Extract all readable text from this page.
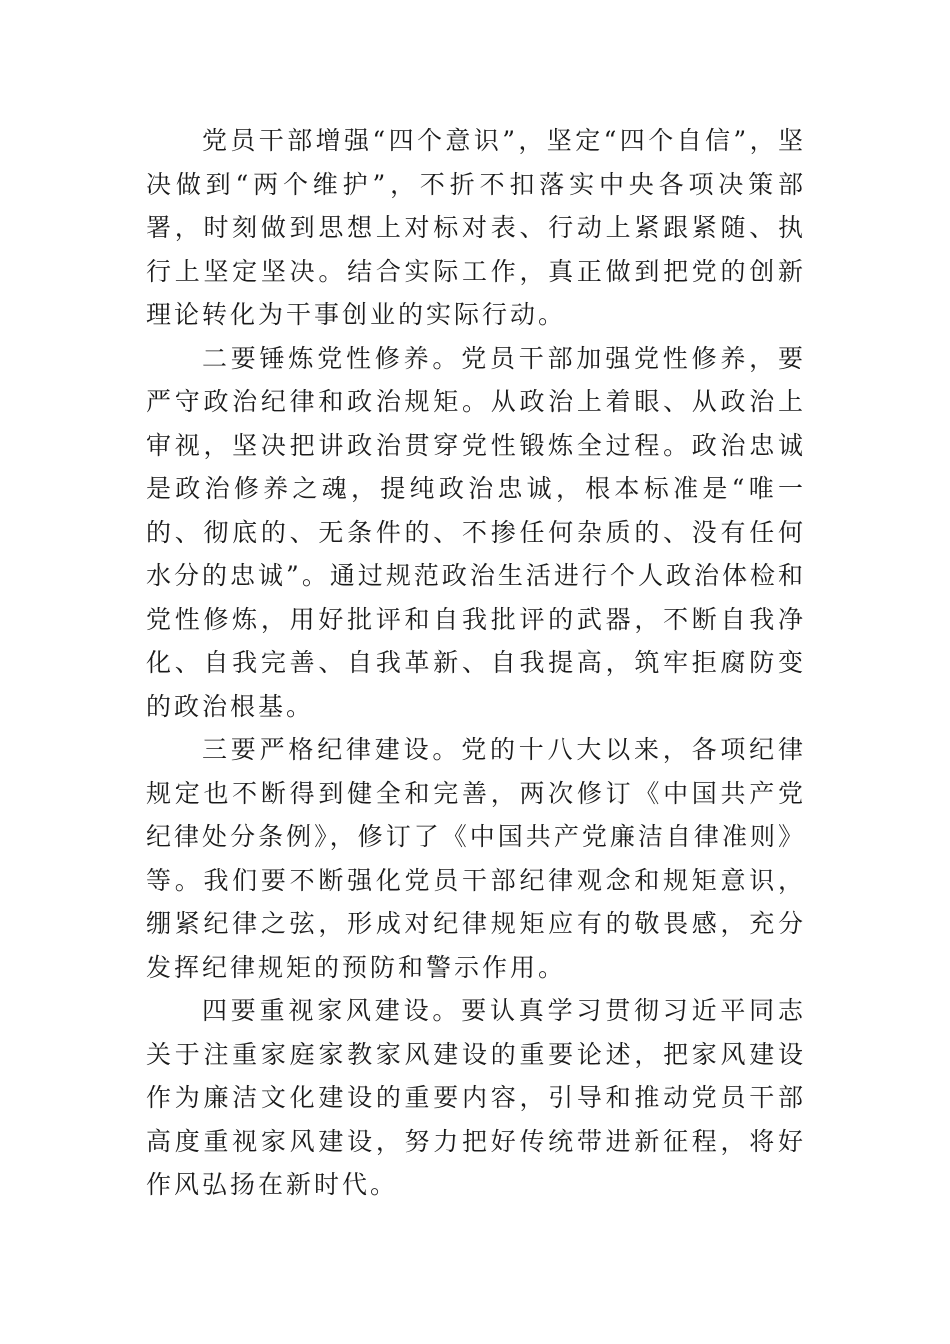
党员干部增强“四个意识”，坚定“四个自信”，坚决做到“两个维护”，不折不扣落实中央各项决策部署，时刻做到思想上对标对表、行动上紧跟紧随、执行上坚定坚决。结合实际工作，真正做到把党的创新理论转化为干事创业的实际行动。

二要锤炼党性修养。党员干部加强党性修养，要严守政治纪律和政治规矩。从政治上着眼、从政治上审视，坚决把讲政治贯穿党性锻炼全过程。政治忠诚是政治修养之魂，提纯政治忠诚，根本标准是“唯一的、彻底的、无条件的、不掺任何杂质的、没有任何水分的忠诚”。通过规范政治生活进行个人政治体检和党性修炼，用好批评和自我批评的武器，不断自我净化、自我完善、自我革新、自我提高，筑牢拒腐防变的政治根基。

三要严格纪律建设。党的十八大以来，各项纪律规定也不断得到健全和完善，两次修订《中国共产党纪律处分条例》，修订了《中国共产党廉洁自律准则》等。我们要不断强化党员干部纪律观念和规矩意识，绷紧纪律之弦，形成对纪律规矩应有的敬畏感，充分发挥纪律规矩的预防和警示作用。

四要重视家风建设。要认真学习贯彻习近平同志关于注重家庭家教家风建设的重要论述，把家风建设作为廉洁文化建设的重要内容，引导和推动党员干部高度重视家风建设，努力把好传统带进新征程，将好作风弘扬在新时代。
